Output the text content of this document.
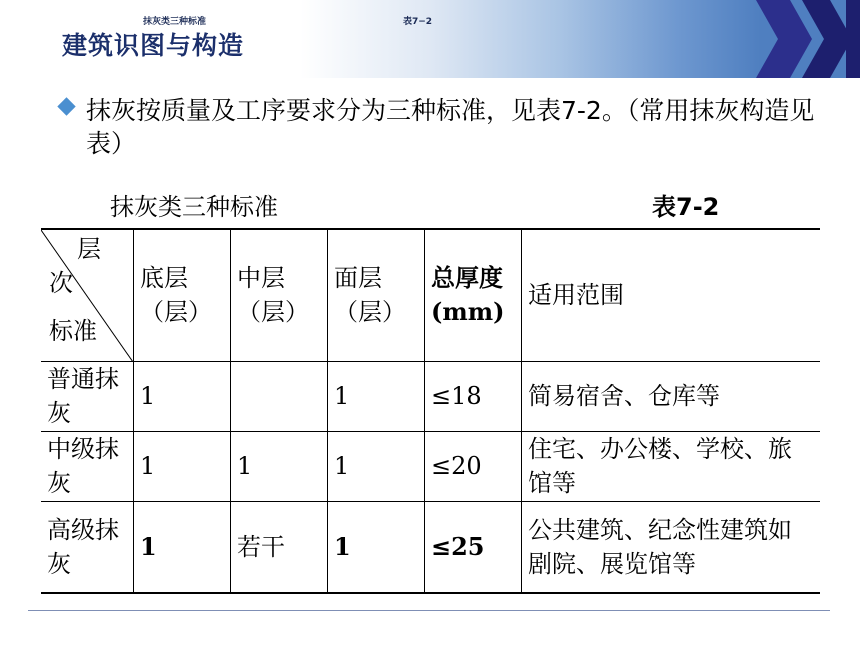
抹灰类三种标准	表7−2
建筑识图与构造
抹灰按质量及工序要求分为三种标准，见表7-2。（常用抹灰构造见表）
抹灰类三种标准	表7-2
层
次
标准	底层（层）	中层（层）	面层（层）	总厚度(mm)	适用范围
普通抹灰	1		1	≤18	简易宿舍、仓库等
中级抹灰	1	1	1	≤20	住宅、办公楼、学校、旅馆等
高级抹灰	1	若干	1	≤25	公共建筑、纪念性建筑如剧院、展览馆等
